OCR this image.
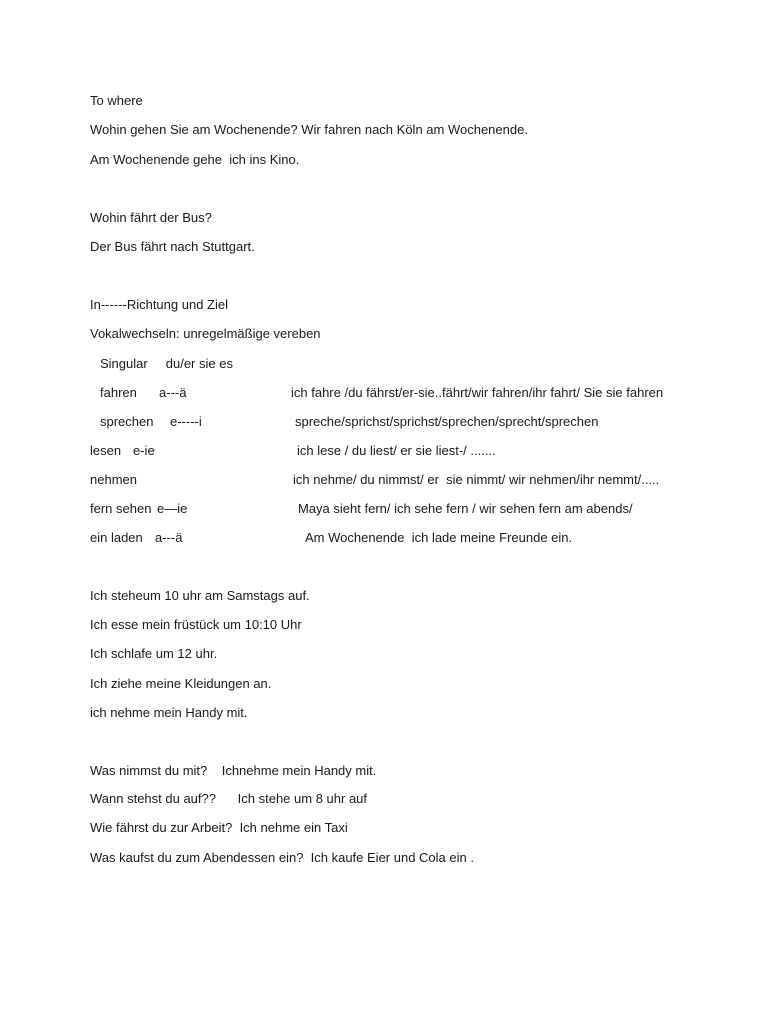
To where
Wohin gehen Sie am Wochenende? Wir fahren nach Köln am Wochenende.
Am Wochenende gehe  ich ins Kino.
Wohin fährt der Bus?
Der Bus fährt nach Stuttgart.
In------Richtung und Ziel
Vokalwechseln: unregelmäßige vereben
Singular     du/er sie es
fahren a---ä	ich fahre /du fährst/er-sie..fährt/wir fahren/ihr fahrt/ Sie sie fahren
sprechen e-----i	spreche/sprichst/sprichst/sprechen/sprecht/sprechen
lesen e-ie	ich lese / du liest/ er sie liest-/ .......
nehmen	ich nehme/ du nimmst/ er  sie nimmt/ wir nehmen/ihr nemmt/.....
fern sehen e—ie	Maya sieht fern/ ich sehe fern / wir sehen fern am abends/
ein laden a---ä	Am Wochenende  ich lade meine Freunde ein.
Ich steheum 10 uhr am Samstags auf.
Ich esse mein früstück um 10:10 Uhr
Ich schlafe um 12 uhr.
Ich ziehe meine Kleidungen an.
ich nehme mein Handy mit.
Was nimmst du mit?    Ichnehme mein Handy mit.
Wann stehst du auf??      Ich stehe um 8 uhr auf
Wie fährst du zur Arbeit?  Ich nehme ein Taxi
Was kaufst du zum Abendessen ein?  Ich kaufe Eier und Cola ein .
